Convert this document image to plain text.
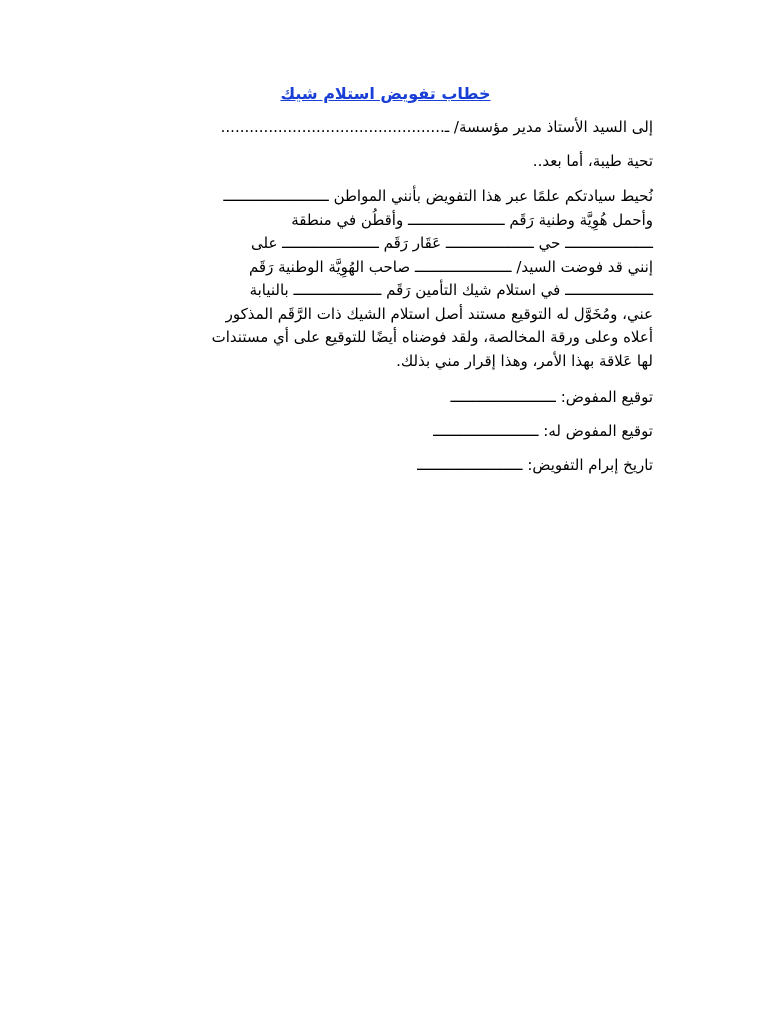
خطاب تفويض استلام شيك
إلى السيد الأستاذ مدير مؤسسة/ ـ...............................................
تحية طيبة، أما بعد..
نُحيط سيادتكم علمًا عبر هذا التفويض بأنني المواطن ــــــــــــــــــــــــ
وأحمل هُوِيَّة وطنية رَقَم ــــــــــــــــــــــ وأقطُن في منطقة
ــــــــــــــــــــ حي ــــــــــــــــــــ عَقَار رَقَم ــــــــــــــــــــــ على
إنني قد فوضت السيد/ ــــــــــــــــــــــ صاحب الهُوِيَّة الوطنية رَقَم
ــــــــــــــــــــ في استلام شيك التأمين رَقَم ــــــــــــــــــــ بالنيابة
عني، ومُخَوَّل له التوقيع مستند أصل استلام الشيك ذات الرَّقَم المذكور
أعلاه وعلى ورقة المخالصة، ولقد فوضناه أيضًا للتوقيع على أي مستندات
لها عَلاقة بهذا الأمر، وهذا إقرار مني بذلك.
توقيع المفوض: ــــــــــــــــــــــــ
توقيع المفوض له: ــــــــــــــــــــــــ
تاريخ إبرام التفويض: ــــــــــــــــــــــــ
